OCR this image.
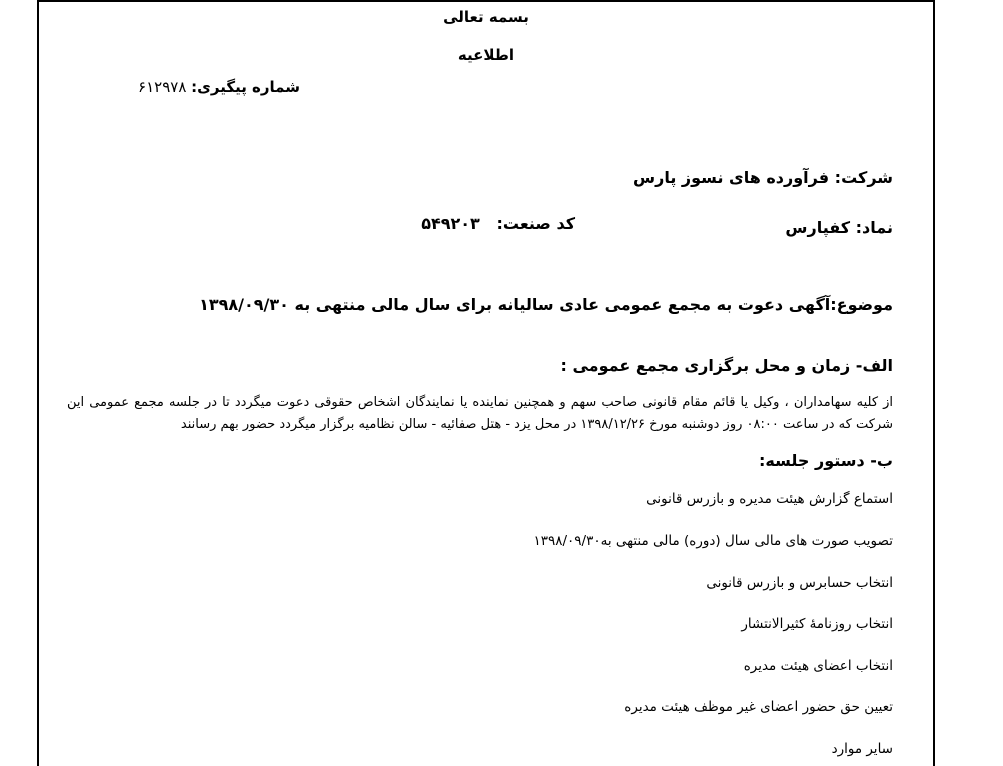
بسمه تعالی
اطلاعیه
شماره پیگیری: ۶۱۲۹۷۸
شرکت: فرآورده های نسوز پارس
نماد: کفپارس
کد صنعت:   ۵۴۹۲۰۳
موضوع:آگهی دعوت به مجمع عمومی عادی سالیانه برای سال مالی منتهی به ۱۳۹۸/۰۹/۳۰
الف- زمان و محل برگزاری مجمع عمومی :
از کلیه سهامداران ، وکیل یا قائم مقام قانونی صاحب سهم و همچنین نماینده یا نمایندگان اشخاص حقوقی دعوت میگردد تا در جلسه مجمع عمومی این شرکت که در ساعت ۰۸:۰۰ روز دوشنبه مورخ ۱۳۹۸/۱۲/۲۶ در محل یزد - هتل صفائیه - سالن نظامیه برگزار میگردد حضور بهم رسانند
ب- دستور جلسه:
استماع گزارش هیئت مدیره و بازرس قانونی
تصویب صورت های مالی سال (دوره) مالی منتهی به۱۳۹۸/۰۹/۳۰
انتخاب حسابرس و بازرس قانونی
انتخاب روزنامۀ کثیرالانتشار
انتخاب اعضای هیئت مدیره
تعیین حق حضور اعضای غیر موظف هیئت مدیره
سایر موارد
